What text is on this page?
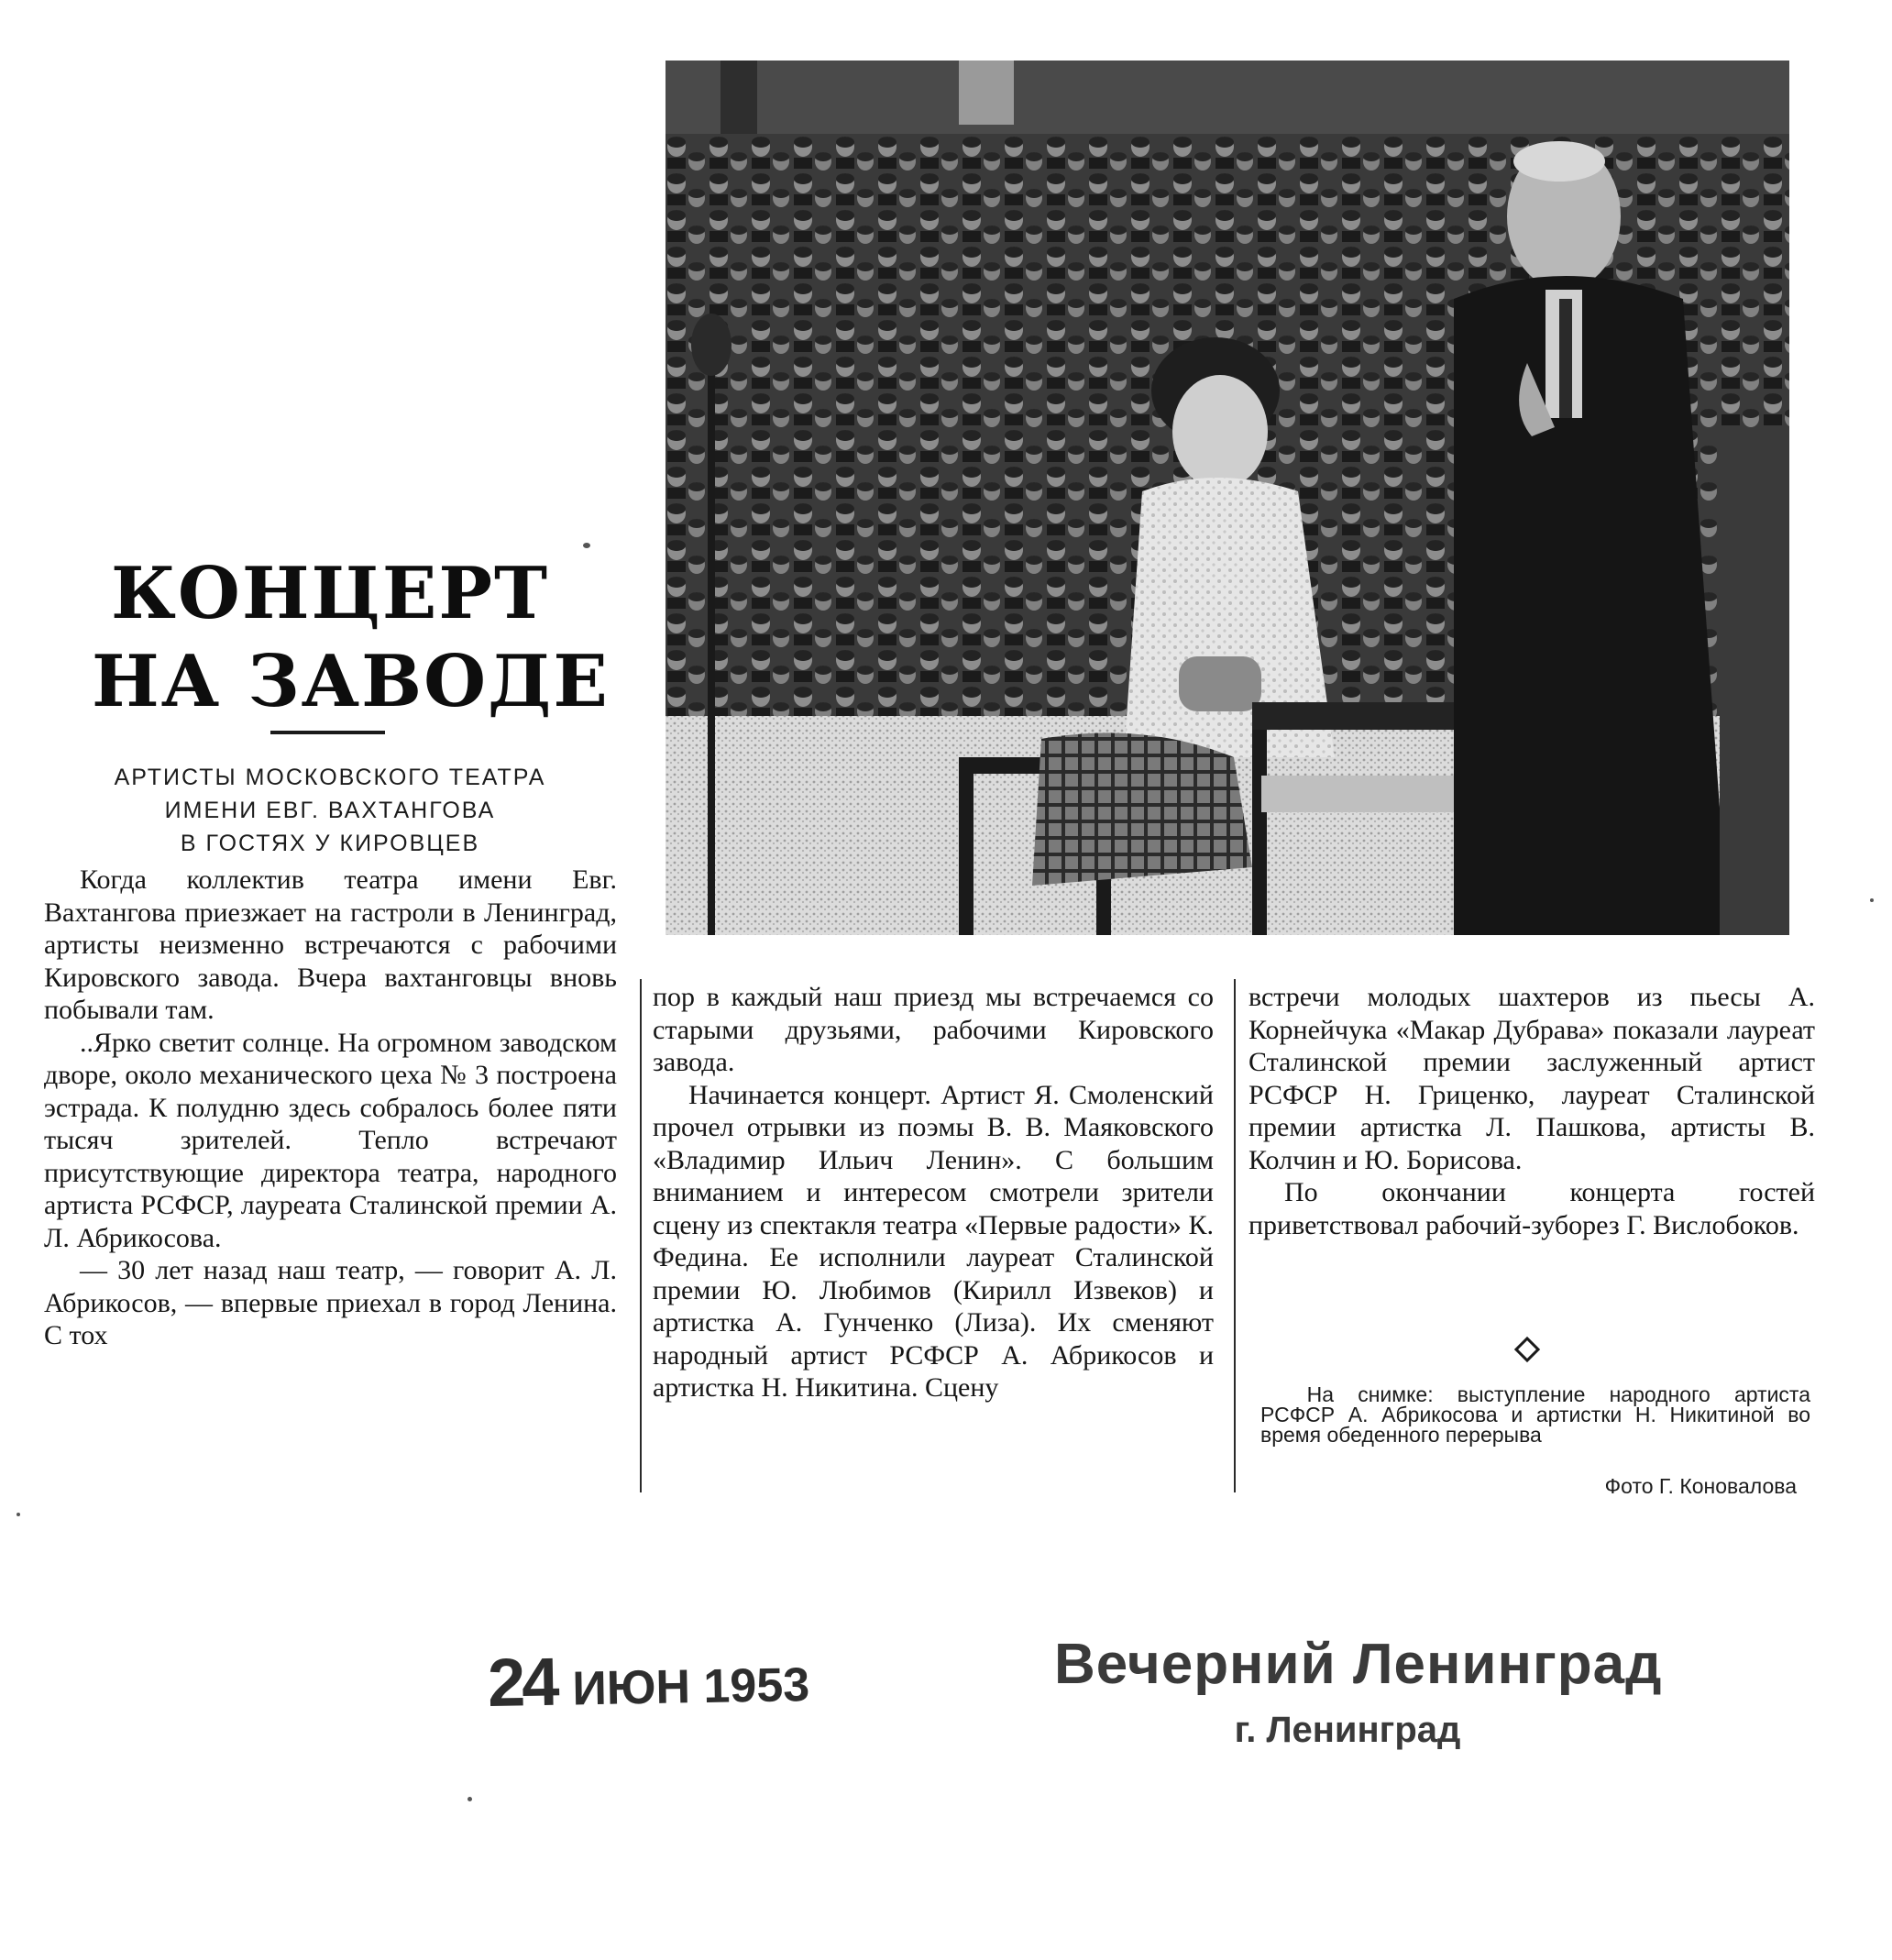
КОНЦЕРТ
НА ЗАВОДЕ
АРТИСТЫ МОСКОВСКОГО ТЕАТРА
ИМЕНИ ЕВГ. ВАХТАНГОВА
В ГОСТЯХ У КИРОВЦЕВ

Когда коллектив театра имени Евг. Вахтангова приезжает на гастроли в Ленинград, артисты неизменно встречаются с рабочими Кировского завода. Вчера вахтанговцы вновь побывали там.

..Ярко светит солнце. На огромном заводском дворе, около механического цеха № 3 построена эстрада. К полудню здесь собралось более пяти тысяч зрителей. Тепло встречают присутствующие директора театра, народного артиста РСФСР, лауреата Сталинской премии А. Л. Абрикосова.

— 30 лет назад наш театр, — говорит А. Л. Абрикосов, — впервые приехал в город Ленина. С тох

пор в каждый наш приезд мы встречаемся со старыми друзьями, рабочими Кировского завода.

Начинается концерт. Артист Я. Смоленский прочел отрывки из поэмы В. В. Маяковского «Владимир Ильич Ленин». С большим вниманием и интересом смотрели зрители сцену из спектакля театра «Первые радости» К. Федина. Ее исполнили лауреат Сталинской премии Ю. Любимов (Кирилл Извеков) и артистка А. Гунченко (Лиза). Их сменяют народный артист РСФСР А. Абрикосов и артистка Н. Никитина. Сцену

встречи молодых шахтеров из пьесы А. Корнейчука «Макар Дубрава» показали лауреат Сталинской премии заслуженный артист РСФСР Н. Гриценко, лауреат Сталинской премии артистка Л. Пашкова, артисты В. Колчин и Ю. Борисова.

По окончании концерта гостей приветствовал рабочий-зуборез Г. Вислобоков.

На снимке: выступление народного артиста РСФСР А. Абрикосова и артистки Н. Никитиной во время обеденного перерыва
Фото Г. Коновалова
24 ИЮН 1953	Вечерний Ленинград
г. Ленинград
